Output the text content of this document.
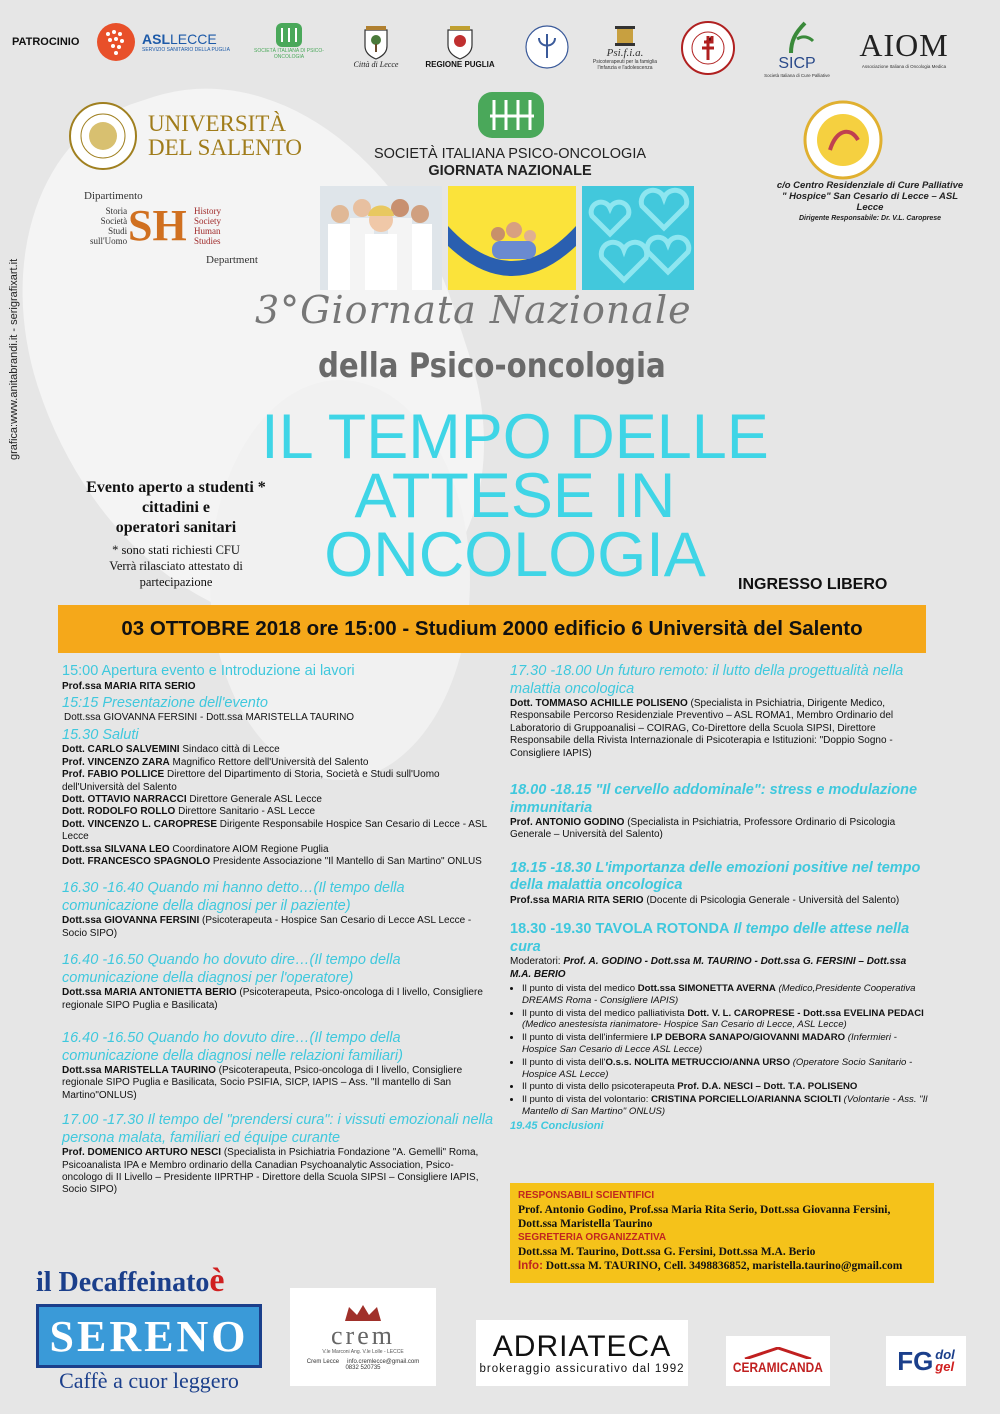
PATROCINIO	ASLLECCE
SERVIZIO SANITARIO DELLA PUGLIA	SOCIETÀ ITALIANA DI PSICO-ONCOLOGIA
Città di Lecce	REGIONE PUGLIA
Psi.f.i.a.
Psicoterapeuti per la famiglia l'infanzia e l'adolescenza	SICP
Società Italiana di Cure Palliative
AIOM
Associazione Italiana di Oncologia Medica
UNIVERSITÀ
DEL SALENTO
Dipartimento
Storia
Società
Studi
sull'Uomo SH History
Society
Human
Studies
Department
SOCIETÀ ITALIANA PSICO-ONCOLOGIA
GIORNATA NAZIONALE
c/o Centro Residenziale di Cure Palliative
" Hospice" San Cesario di Lecce – ASL Lecce
Dirigente Responsabile: Dr. V.L. Caroprese
grafica:www.anitabrandi.it - serigrafixart.it	3°Giornata Nazionale
della Psico-oncologia
IL TEMPO DELLE
ATTESE IN
ONCOLOGIA
Evento aperto a studenti *
cittadini e
operatori sanitari
* sono stati richiesti CFU
Verrà rilasciato attestato di
partecipazione	INGRESSO LIBERO
03 OTTOBRE 2018 ore 15:00 - Studium 2000 edificio 6 Università del Salento
15:00 Apertura evento e Introduzione ai lavori

Prof.ssa MARIA RITA SERIO

15:15 Presentazione dell'evento

Dott.ssa GIOVANNA FERSINI - Dott.ssa MARISTELLA TAURINO

15.30 Saluti

Dott. CARLO SALVEMINI Sindaco città di Lecce

Prof. VINCENZO ZARA Magnifico Rettore dell'Università del Salento

Prof. FABIO POLLICE Direttore del Dipartimento di Storia, Società e Studi sull'Uomo dell'Università del Salento

Dott. OTTAVIO NARRACCI Direttore Generale ASL Lecce

Dott. RODOLFO ROLLO Direttore Sanitario - ASL Lecce

Dott. VINCENZO L. CAROPRESE Dirigente Responsabile Hospice San Cesario di Lecce - ASL Lecce

Dott.ssa SILVANA LEO Coordinatore AIOM Regione Puglia

Dott. FRANCESCO SPAGNOLO Presidente Associazione "Il Mantello di San Martino" ONLUS

16.30 -16.40 Quando mi hanno detto…(Il tempo della comunicazione della diagnosi per il paziente)

Dott.ssa GIOVANNA FERSINI (Psicoterapeuta - Hospice San Cesario di Lecce ASL Lecce - Socio SIPO)

16.40 -16.50 Quando ho dovuto dire…(Il tempo della comunicazione della diagnosi per l'operatore)

Dott.ssa MARIA ANTONIETTA BERIO (Psicoterapeuta, Psico-oncologa di I livello, Consigliere regionale SIPO Puglia e Basilicata)

16.40 -16.50 Quando ho dovuto dire…(Il tempo della comunicazione della diagnosi nelle relazioni familiari)

Dott.ssa MARISTELLA TAURINO (Psicoterapeuta, Psico-oncologa di I livello, Consigliere regionale SIPO Puglia e Basilicata, Socio PSIFIA, SICP, IAPIS – Ass. "Il mantello di San Martino"ONLUS)

17.00 -17.30 Il tempo del "prendersi cura": i vissuti emozionali nella persona malata, familiari ed équipe curante

Prof. DOMENICO ARTURO NESCI (Specialista in Psichiatria Fondazione "A. Gemelli" Roma, Psicoanalista IPA e Membro ordinario della Canadian Psychoanalytic Association, Psico-oncologo di II Livello – Presidente IIPRTHP - Direttore della Scuola SIPSI – Consigliere IAPIS, Socio SIPO)

17.30 -18.00 Un futuro remoto: il lutto della progettualità nella malattia oncologica

Dott. TOMMASO ACHILLE POLISENO (Specialista in Psichiatria, Dirigente Medico, Responsabile Percorso Residenziale Preventivo – ASL ROMA1, Membro Ordinario del Laboratorio di Gruppoanalisi – COIRAG, Co-Direttore della Scuola SIPSI, Direttore Responsabile della Rivista Internazionale di Psicoterapia e Istituzioni: "Doppio Sogno - Consigliere IAPIS)

18.00 -18.15 "Il cervello addominale": stress e modulazione immunitaria

Prof. ANTONIO GODINO (Specialista in Psichiatria, Professore Ordinario di Psicologia Generale – Università del Salento)

18.15 -18.30 L'importanza delle emozioni positive nel tempo della malattia oncologica

Prof.ssa MARIA RITA SERIO (Docente di Psicologia Generale - Università del Salento)

18.30 -19.30 TAVOLA ROTONDA Il tempo delle attese nella cura

Moderatori: Prof. A. GODINO - Dott.ssa M. TAURINO - Dott.ssa G. FERSINI – Dott.ssa M.A. BERIO

• Il punto di vista del medico Dott.ssa SIMONETTA AVERNA (Medico,Presidente Cooperativa DREAMS Roma - Consigliere IAPIS)
• Il punto di vista del medico palliativista Dott. V. L. CAROPRESE - Dott.ssa EVELINA PEDACI (Medico anestesista rianimatore- Hospice San Cesario di Lecce, ASL Lecce)
• Il punto di vista dell'infermiere I.P DEBORA SANAPO/GIOVANNI MADARO (Infermieri - Hospice San Cesario di Lecce ASL Lecce)
• Il punto di vista dell'O.s.s. NOLITA METRUCCIO/ANNA URSO (Operatore Socio Sanitario - Hospice ASL Lecce)
• Il punto di vista dello psicoterapeuta Prof. D.A. NESCI – Dott. T.A. POLISENO
• Il punto di vista del volontario: CRISTINA PORCIELLO/ARIANNA SCIOLTI (Volontarie - Ass. "Il Mantello di San Martino" ONLUS)
19.45 Conclusioni
RESPONSABILI SCIENTIFICI
Prof. Antonio Godino, Prof.ssa Maria Rita Serio, Dott.ssa Giovanna Fersini, Dott.ssa Maristella Taurino
SEGRETERIA ORGANIZZATIVA
Dott.ssa M. Taurino, Dott.ssa G. Fersini, Dott.ssa M.A. Berio
Info: Dott.ssa M. TAURINO, Cell. 3498836852, maristella.taurino@gmail.com
il Decaffeinatoè
SERENO
Caffè a cuor leggero
crem
V.le Marconi Ang. V.le Lolle - LECCE
Crem Lecce info.cremlecce@gmail.com
0832 520735
ADRIATECA
brokeraggio assicurativo dal 1992	CERAMICANDA	FG dol
gel
